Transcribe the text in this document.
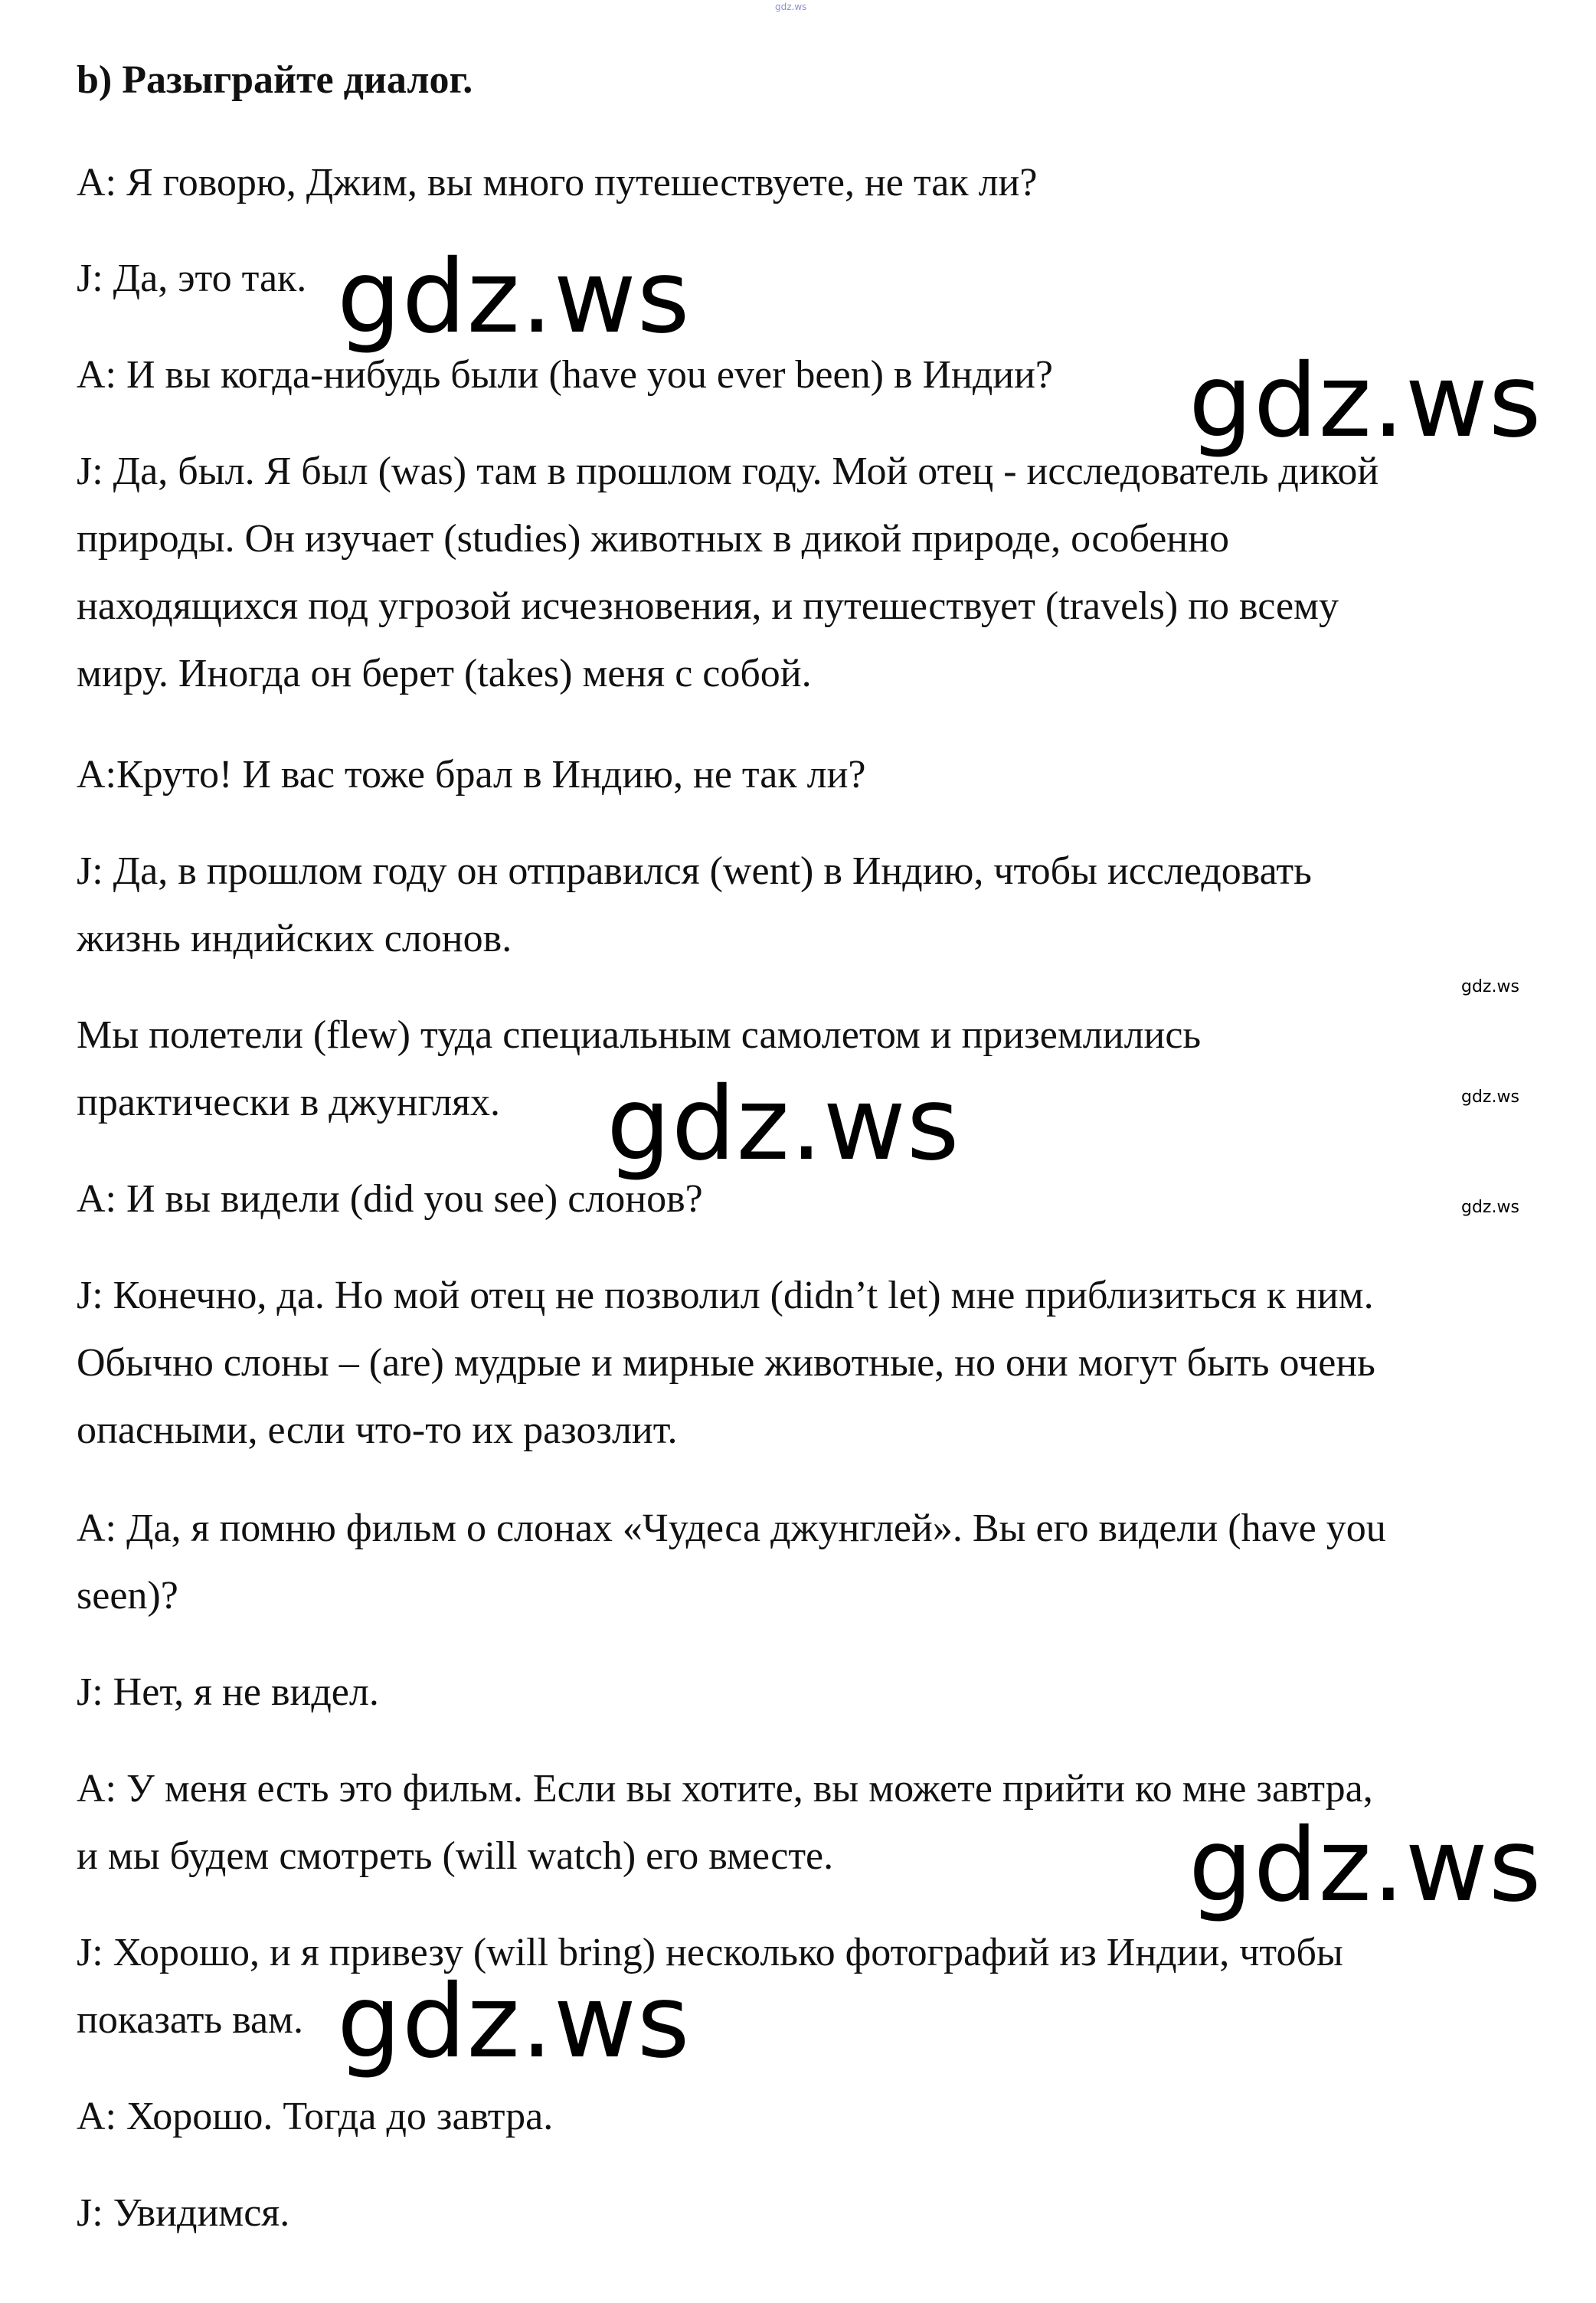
gdz.ws
b) Разыграйте диалог.

A: Я говорю, Джим, вы много путешествуете, не так ли?

J: Да, это так.

A: И вы когда-нибудь были (have you ever been) в Индии?

J: Да, был. Я был (was) там в прошлом году. Мой отец - исследователь дикой
природы. Он изучает (studies) животных в дикой природе, особенно
находящихся под угрозой исчезновения, и путешествует (travels) по всему
миру. Иногда он берет (takes) меня с собой.

A:Круто! И вас тоже брал в Индию, не так ли?

J: Да, в прошлом году он отправился (went) в Индию, чтобы исследовать
жизнь индийских слонов.

Мы полетели (flew) туда специальным самолетом и приземлились
практически в джунглях.

A: И вы видели (did you see) слонов?

J: Конечно, да. Но мой отец не позволил (didn’t let) мне приблизиться к ним.
Обычно слоны – (are) мудрые и мирные животные, но они могут быть очень
опасными, если что-то их разозлит.

A: Да, я помню фильм о слонах «Чудеса джунглей». Вы его видели (have you
seen)?

J: Нет, я не видел.

A: У меня есть это фильм. Если вы хотите, вы можете прийти ко мне завтра,
и мы будем смотреть (will watch) его вместе.

J: Хорошо, и я привезу (will bring) несколько фотографий из Индии, чтобы
показать вам.

A: Хорошо. Тогда до завтра.

J: Увидимся.

gdz.ws
gdz.ws
gdz.ws
gdz.ws
gdz.ws
gdz.ws
gdz.ws
gdz.ws
